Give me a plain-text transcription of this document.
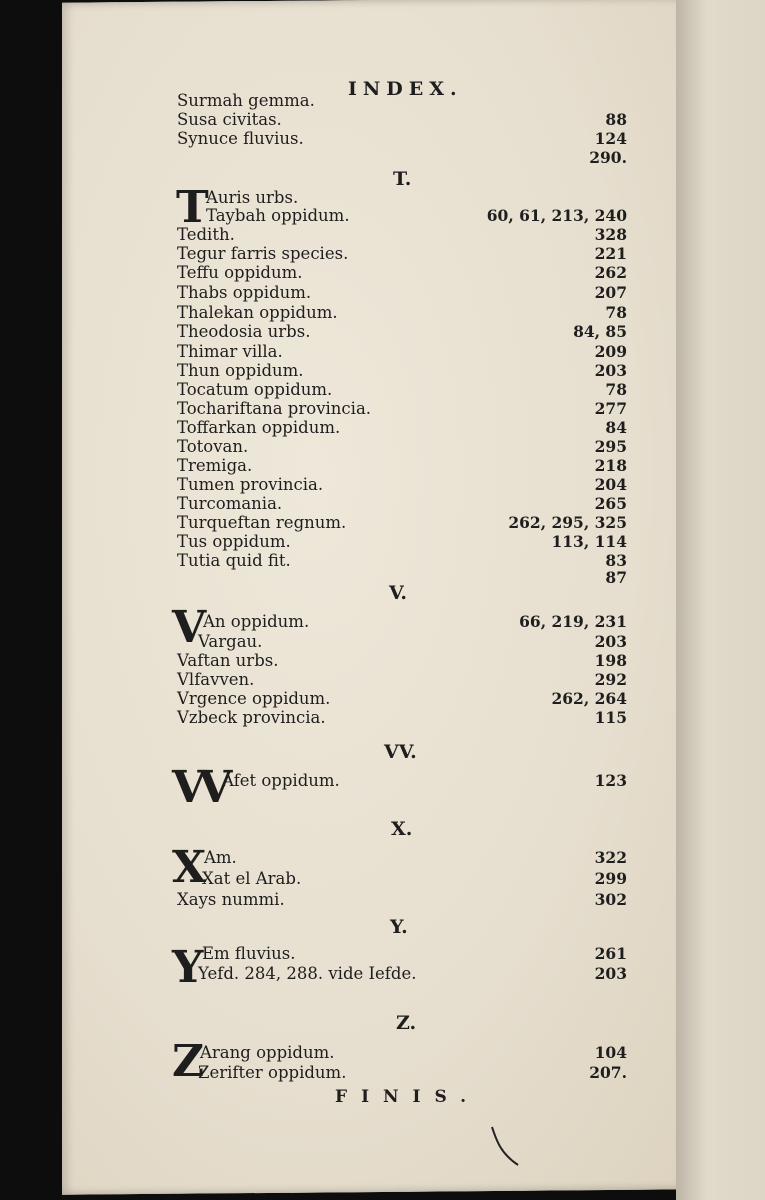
INDEX.
Surmah gemma.
Susa civitas.	88
Synuce fluvius.	124
290.
T.
T
Auris urbs.
Taybah oppidum.	60, 61, 213, 240
Tedith.	328
Tegur farris species.	221
Teffu oppidum.	262
Thabs oppidum.	207
Thalekan oppidum.	78
Theodosia urbs.	84, 85
Thimar villa.	209
Thun oppidum.	203
Tocatum oppidum.	78
Tochariftana provincia.	277
Toffarkan oppidum.	84
Totovan.	295
Tremiga.	218
Tumen provincia.	204
Turcomania.	265
Turqueftan regnum.	262, 295, 325
Tus oppidum.	113, 114
Tutia quid fit.	83
87
V.
V
An oppidum.	66, 219, 231
Vargau.	203
Vaftan urbs.	198
Vlfavven.	292
Vrgence oppidum.	262, 264
Vzbeck provincia.	115
VV.
VV
Afet oppidum.	123
X.
X
Am.	322
Xat el Arab.	299
Xays nummi.	302
Y.
Y
Em fluvius.	261
Yefd. 284, 288. vide Iefde.	203
Z.
Z
Arang oppidum.	104
Zerifter oppidum.	207.
FINIS.
